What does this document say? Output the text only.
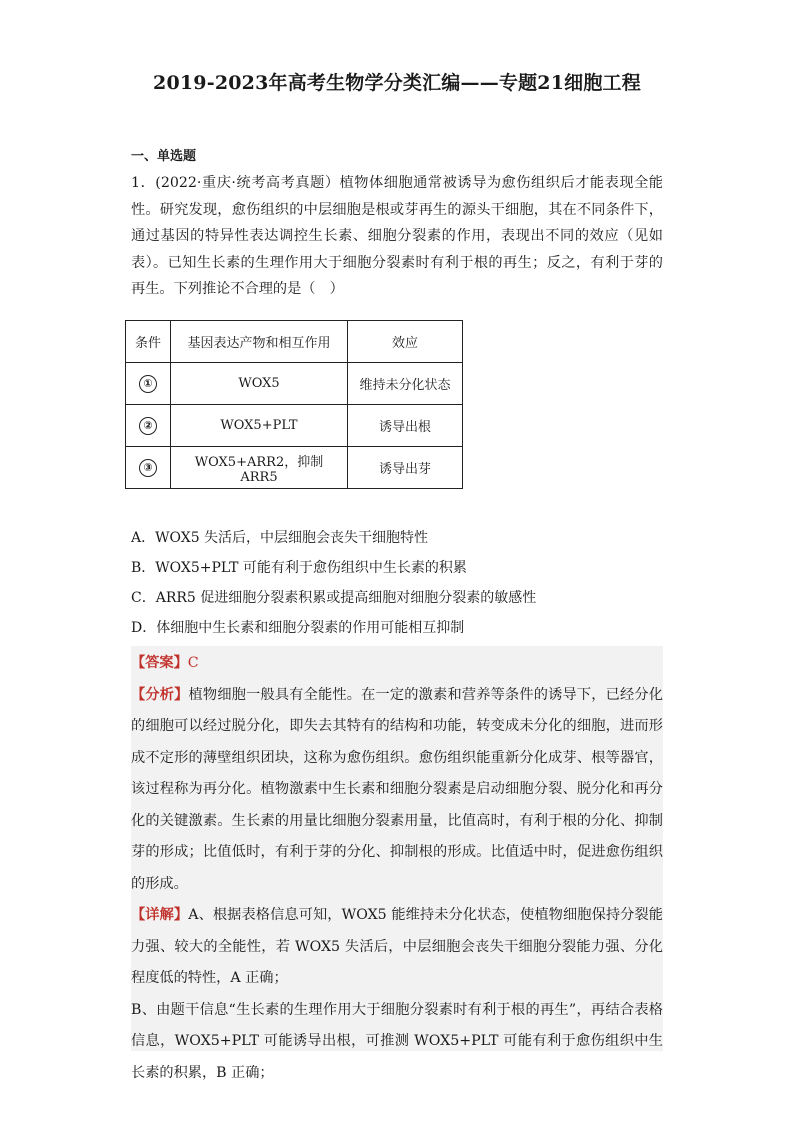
2019-2023年高考生物学分类汇编——专题21细胞工程
一、单选题
1．(2022·重庆·统考高考真题）植物体细胞通常被诱导为愈伤组织后才能表现全能性。研究发现，愈伤组织的中层细胞是根或芽再生的源头干细胞，其在不同条件下，通过基因的特异性表达调控生长素、细胞分裂素的作用，表现出不同的效应（见如表）。已知生长素的生理作用大于细胞分裂素时有利于根的再生；反之，有利于芽的再生。下列推论不合理的是（　）
条件	基因表达产物和相互作用	效应
①	WOX5	维持未分化状态
②	WOX5+PLT	诱导出根
③	WOX5+ARR2，抑制 ARR5	诱导出芽
A．WOX5 失活后，中层细胞会丧失干细胞特性
B．WOX5+PLT 可能有利于愈伤组织中生长素的积累
C．ARR5 促进细胞分裂素积累或提高细胞对细胞分裂素的敏感性
D．体细胞中生长素和细胞分裂素的作用可能相互抑制
【答案】C
【分析】植物细胞一般具有全能性。在一定的激素和营养等条件的诱导下，已经分化的细胞可以经过脱分化，即失去其特有的结构和功能，转变成未分化的细胞，进而形成不定形的薄壁组织团块，这称为愈伤组织。愈伤组织能重新分化成芽、根等器官，该过程称为再分化。植物激素中生长素和细胞分裂素是启动细胞分裂、脱分化和再分化的关键激素。生长素的用量比细胞分裂素用量，比值高时，有利于根的分化、抑制芽的形成；比值低时，有利于芽的分化、抑制根的形成。比值适中时，促进愈伤组织的形成。
【详解】A、根据表格信息可知，WOX5 能维持未分化状态，使植物细胞保持分裂能力强、较大的全能性，若 WOX5 失活后，中层细胞会丧失干细胞分裂能力强、分化程度低的特性，A 正确；
B、由题干信息“生长素的生理作用大于细胞分裂素时有利于根的再生”，再结合表格信息，WOX5+PLT 可能诱导出根，可推测 WOX5+PLT 可能有利于愈伤组织中生长素的积累，B 正确；
